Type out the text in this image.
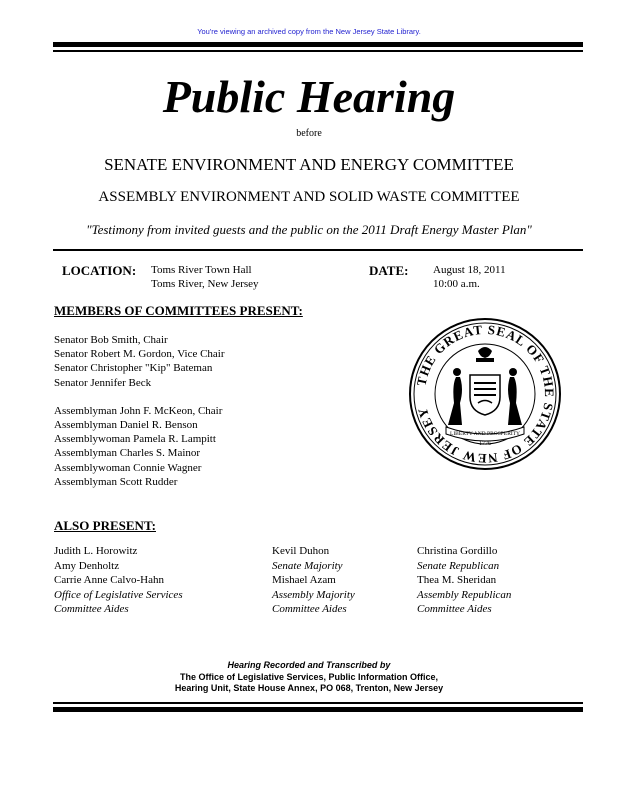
You're viewing an archived copy from the New Jersey State Library.
Public Hearing
before
SENATE ENVIRONMENT AND ENERGY COMMITTEE
ASSEMBLY ENVIRONMENT AND SOLID WASTE COMMITTEE
"Testimony from invited guests and the public on the 2011 Draft Energy Master Plan"
LOCATION: Toms River Town Hall
Toms River, New Jersey
DATE: August 18, 2011
10:00 a.m.
MEMBERS OF COMMITTEES PRESENT:
Senator Bob Smith, Chair
Senator Robert M. Gordon, Vice Chair
Senator Christopher "Kip" Bateman
Senator Jennifer Beck
Assemblyman John F. McKeon, Chair
Assemblyman Daniel R. Benson
Assemblywoman Pamela R. Lampitt
Assemblyman Charles S. Mainor
Assemblywoman Connie Wagner
Assemblyman Scott Rudder
THE GREAT SEAL OF THE STATE OF NEW JERSEY
LIBERTY AND PROSPERITY
1776
ALSO PRESENT:
Judith L. Horowitz
Amy Denholtz
Carrie Anne Calvo-Hahn
Office of Legislative Services
Committee Aides
Kevil Duhon
Senate Majority
Mishael Azam
Assembly Majority
Committee Aides
Christina Gordillo
Senate Republican
Thea M. Sheridan
Assembly Republican
Committee Aides
Hearing Recorded and Transcribed by
The Office of Legislative Services, Public Information Office,
Hearing Unit, State House Annex, PO 068, Trenton, New Jersey
